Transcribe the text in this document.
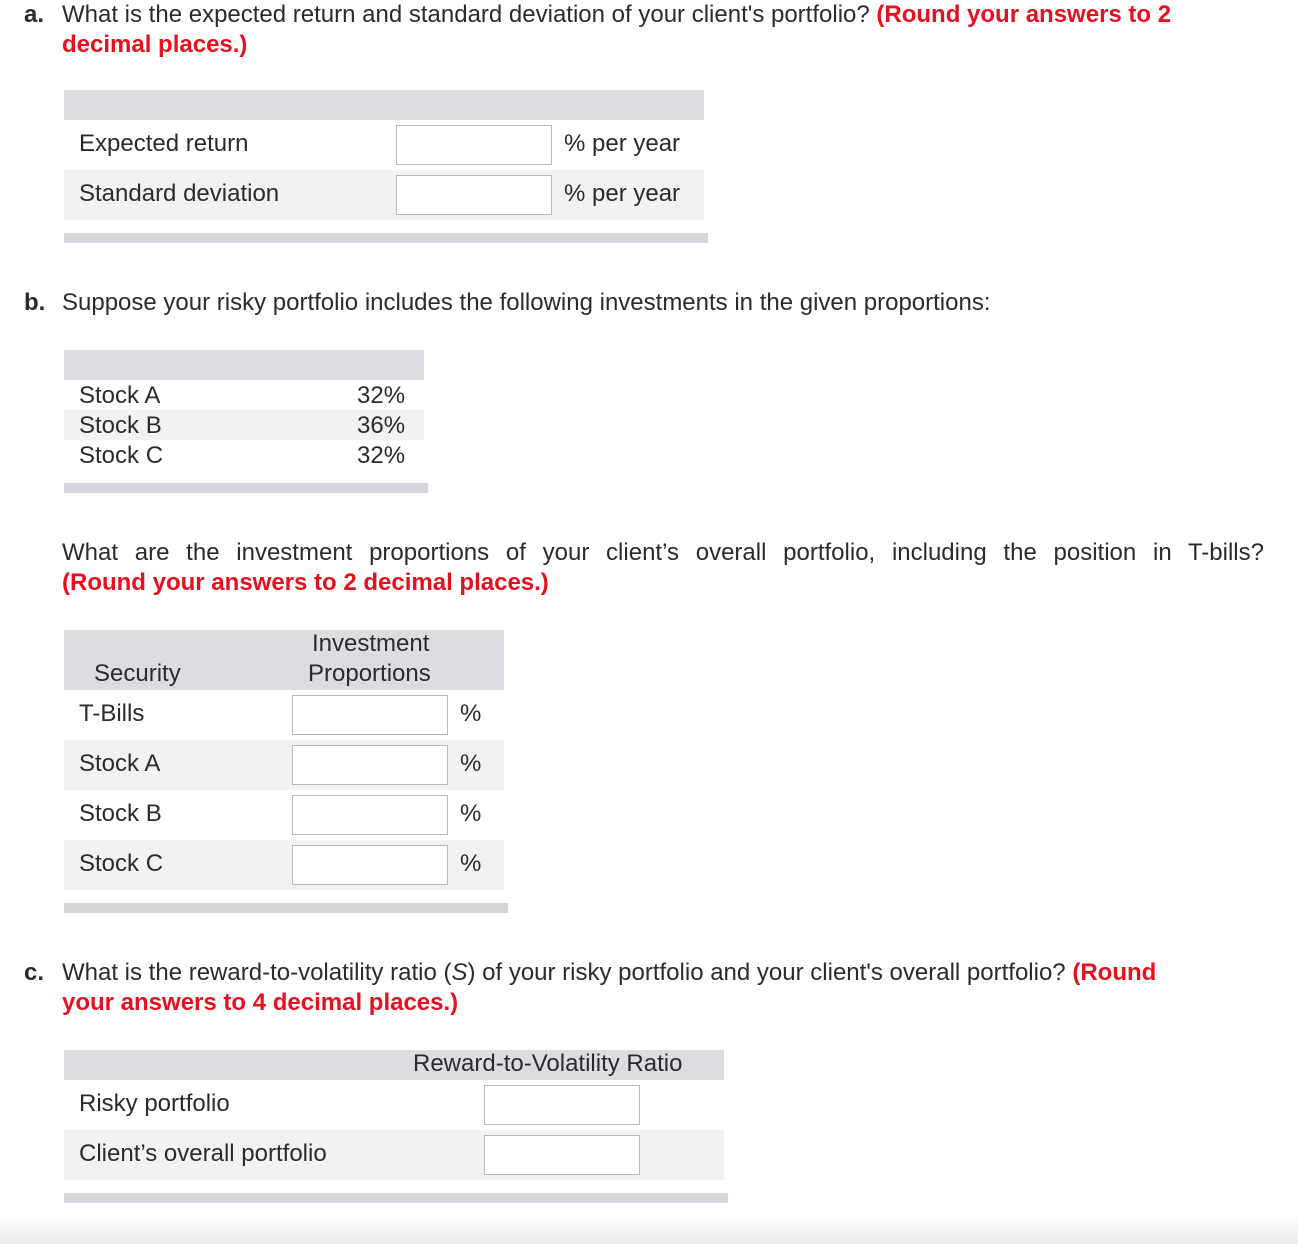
a. What is the expected return and standard deviation of your client's portfolio? (Round your answers to 2
decimal places.)
Expected return	% per year
Standard deviation	% per year
b. Suppose your risky portfolio includes the following investments in the given proportions:
Stock A	32%
Stock B	36%
Stock C	32%
What are the investment proportions of your client’s overall portfolio, including the position in T-bills?
(Round your answers to 2 decimal places.)
Security
Investment
Proportions
T-Bills	%
Stock A	%
Stock B	%
Stock C	%
c. What is the reward-to-volatility ratio (S) of your risky portfolio and your client's overall portfolio? (Round
your answers to 4 decimal places.)
Reward-to-Volatility Ratio
Risky portfolio
Client’s overall portfolio
